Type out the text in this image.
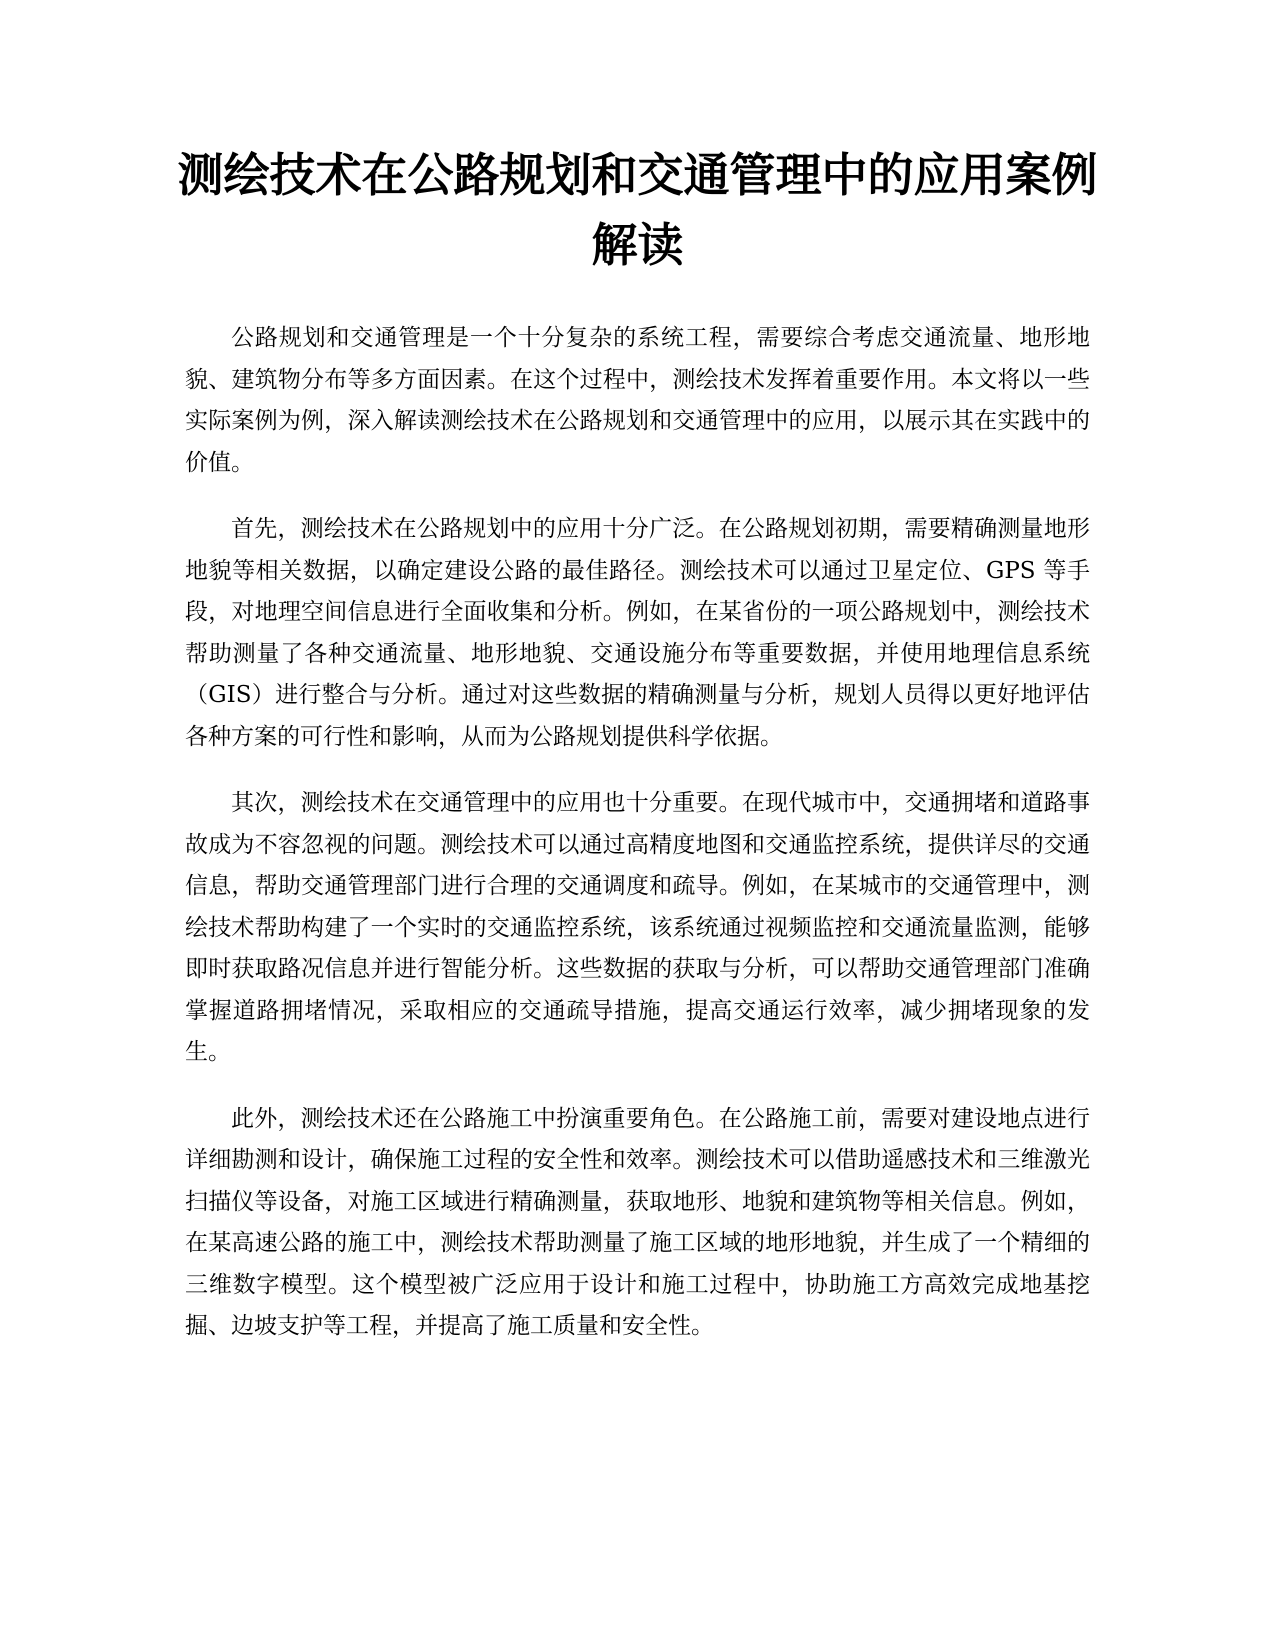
测绘技术在公路规划和交通管理中的应用案例解读

公路规划和交通管理是一个十分复杂的系统工程，需要综合考虑交通流量、地形地貌、建筑物分布等多方面因素。在这个过程中，测绘技术发挥着重要作用。本文将以一些实际案例为例，深入解读测绘技术在公路规划和交通管理中的应用，以展示其在实践中的价值。

首先，测绘技术在公路规划中的应用十分广泛。在公路规划初期，需要精确测量地形地貌等相关数据，以确定建设公路的最佳路径。测绘技术可以通过卫星定位、GPS 等手段，对地理空间信息进行全面收集和分析。例如，在某省份的一项公路规划中，测绘技术帮助测量了各种交通流量、地形地貌、交通设施分布等重要数据，并使用地理信息系统（GIS）进行整合与分析。通过对这些数据的精确测量与分析，规划人员得以更好地评估各种方案的可行性和影响，从而为公路规划提供科学依据。

其次，测绘技术在交通管理中的应用也十分重要。在现代城市中，交通拥堵和道路事故成为不容忽视的问题。测绘技术可以通过高精度地图和交通监控系统，提供详尽的交通信息，帮助交通管理部门进行合理的交通调度和疏导。例如，在某城市的交通管理中，测绘技术帮助构建了一个实时的交通监控系统，该系统通过视频监控和交通流量监测，能够即时获取路况信息并进行智能分析。这些数据的获取与分析，可以帮助交通管理部门准确掌握道路拥堵情况，采取相应的交通疏导措施，提高交通运行效率，减少拥堵现象的发生。

此外，测绘技术还在公路施工中扮演重要角色。在公路施工前，需要对建设地点进行详细勘测和设计，确保施工过程的安全性和效率。测绘技术可以借助遥感技术和三维激光扫描仪等设备，对施工区域进行精确测量，获取地形、地貌和建筑物等相关信息。例如，在某高速公路的施工中，测绘技术帮助测量了施工区域的地形地貌，并生成了一个精细的三维数字模型。这个模型被广泛应用于设计和施工过程中，协助施工方高效完成地基挖掘、边坡支护等工程，并提高了施工质量和安全性。
